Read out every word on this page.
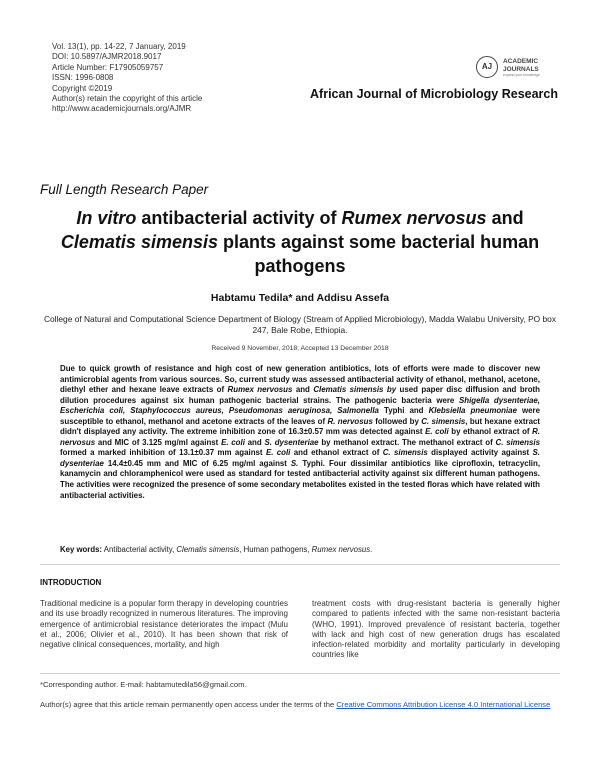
Vol. 13(1), pp. 14-22, 7 January, 2019
DOI: 10.5897/AJMR2018.9017
Article Number: F17905059757
ISSN: 1996-0808
Copyright ©2019
Author(s) retain the copyright of this article
http://www.academicjournals.org/AJMR
AJ
ACADEMIC
JOURNALS
expand your knowledge
African Journal of Microbiology Research
Full Length Research Paper
In vitro antibacterial activity of Rumex nervosus and
Clematis simensis plants against some bacterial human pathogens
Habtamu Tedila* and Addisu Assefa
College of Natural and Computational Science Department of Biology (Stream of Applied Microbiology), Madda Walabu University, PO box 247, Bale Robe, Ethiopia.
Received 9 November, 2018; Accepted 13 December 2018
Due to quick growth of resistance and high cost of new generation antibiotics, lots of efforts were made to discover new antimicrobial agents from various sources. So, current study was assessed antibacterial activity of ethanol, methanol, acetone, diethyl ether and hexane leave extracts of Rumex nervosus and Clematis simensis by used paper disc diffusion and broth dilution procedures against six human pathogenic bacterial strains. The pathogenic bacteria were Shigella dysenteriae, Escherichia coli, Staphylococcus aureus, Pseudomonas aeruginosa, Salmonella Typhi and Klebsiella pneumoniae were susceptible to ethanol, methanol and acetone extracts of the leaves of R. nervosus followed by C. simensis, but hexane extract didn't displayed any activity. The extreme inhibition zone of 16.3±0.57 mm was detected against E. coli by ethanol extract of R. nervosus and MIC of 3.125 mg/ml against E. coli and S. dysenteriae by methanol extract. The methanol extract of C. simensis formed a marked inhibition of 13.1±0.37 mm against E. coli and ethanol extract of C. simensis displayed activity against S. dysenteriae 14.4±0.45 mm and MIC of 6.25 mg/ml against S. Typhi. Four dissimilar antibiotics like ciprofloxin, tetracyclin, kanamycin and chloramphenicol were used as standard for tested antibacterial activity against six different human pathogens. The activities were recognized the presence of some secondary metabolites existed in the tested floras which have related with antibacterial activities.
Key words: Antibacterial activity, Clematis simensis, Human pathogens, Rumex nervosus.
INTRODUCTION
Traditional medicine is a popular form therapy in developing countries and its use broadly recognized in numerous literatures. The improving emergence of antimicrobial resistance deteriorates the impact (Mulu et al., 2006; Olivier et al., 2010). It has been shown that risk of negative clinical consequences, mortality, and high
treatment costs with drug-resistant bacteria is generally higher compared to patients infected with the same non-resistant bacteria (WHO, 1991). Improved prevalence of resistant bacteria, together with lack and high cost of new generation drugs has escalated infection-related morbidity and mortality particularly in developing countries like
*Corresponding author. E-mail: habtamutedila56@gmail.com.
Author(s) agree that this article remain permanently open access under the terms of the Creative Commons Attribution License 4.0 International License
